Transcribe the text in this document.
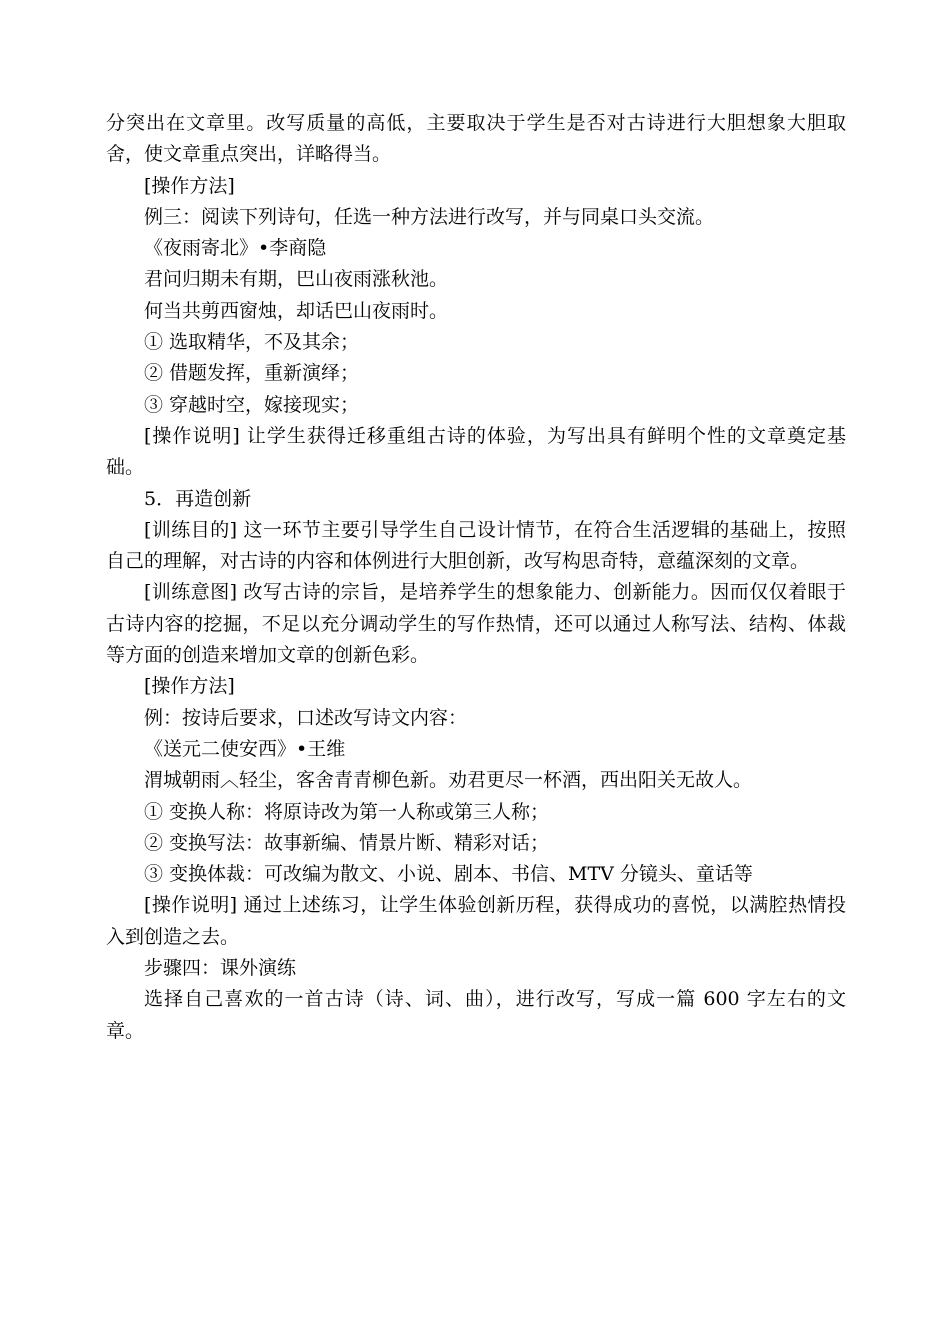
分突出在文章里。改写质量的高低，主要取决于学生是否对古诗进行大胆想象大胆取舍，使文章重点突出，详略得当。

[操作方法]

例三：阅读下列诗句，任选一种方法进行改写，并与同桌口头交流。

《夜雨寄北》•李商隐

君问归期未有期，巴山夜雨涨秋池。

何当共剪西窗烛，却话巴山夜雨时。

① 选取精华，不及其余；

② 借题发挥，重新演绎；

③ 穿越时空，嫁接现实；

[操作说明] 让学生获得迁移重组古诗的体验，为写出具有鲜明个性的文章奠定基础。

5．再造创新

[训练目的] 这一环节主要引导学生自己设计情节，在符合生活逻辑的基础上，按照自己的理解，对古诗的内容和体例进行大胆创新，改写构思奇特，意蕴深刻的文章。

[训练意图] 改写古诗的宗旨，是培养学生的想象能力、创新能力。因而仅仅着眼于古诗内容的挖掘，不足以充分调动学生的写作热情，还可以通过人称写法、结构、体裁等方面的创造来增加文章的创新色彩。

[操作方法]

例：按诗后要求，口述改写诗文内容：

《送元二使安西》•王维

渭城朝雨︿轻尘，客舍青青柳色新。劝君更尽一杯酒，西出阳关无故人。

① 变换人称：将原诗改为第一人称或第三人称；

② 变换写法：故事新编、情景片断、精彩对话；

③ 变换体裁：可改编为散文、小说、剧本、书信、MTV 分镜头、童话等

[操作说明] 通过上述练习，让学生体验创新历程，获得成功的喜悦，以满腔热情投入到创造之去。

步骤四：课外演练

选择自己喜欢的一首古诗（诗、词、曲），进行改写，写成一篇 600 字左右的文章。
